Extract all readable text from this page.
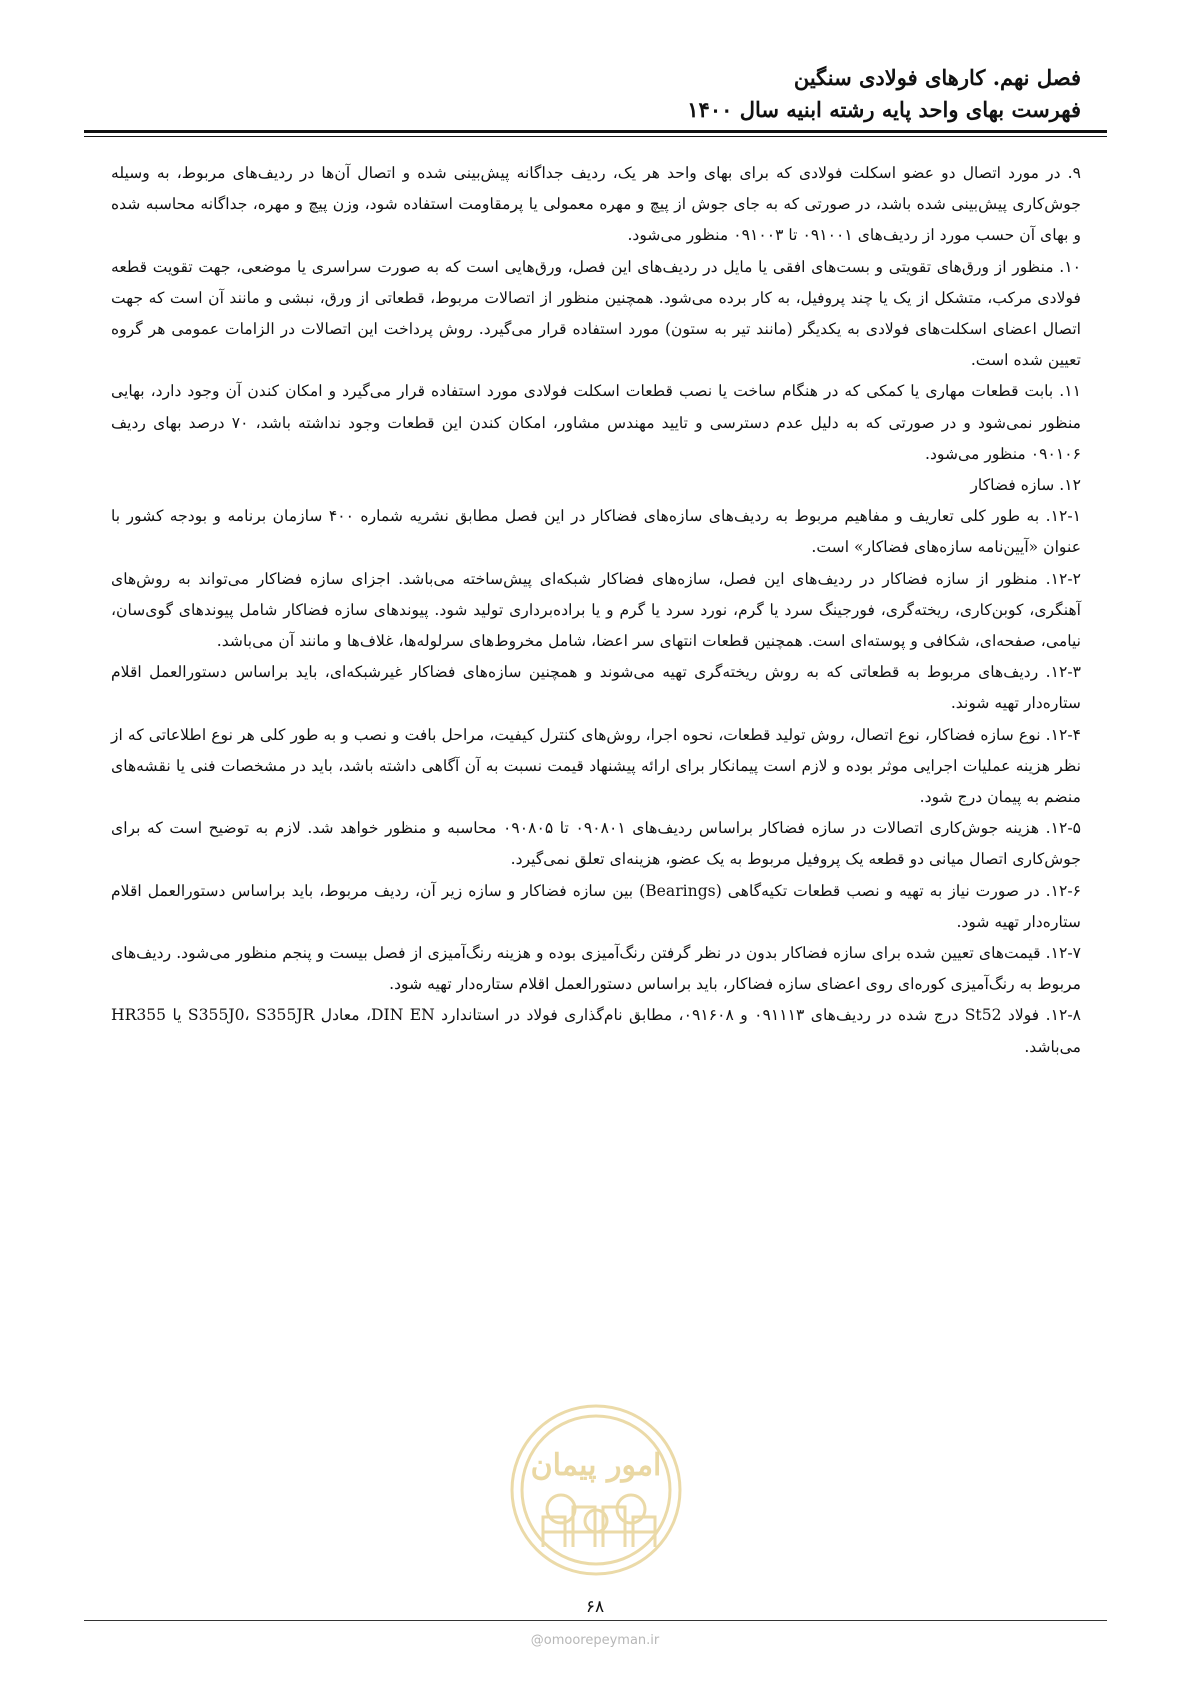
فصل نهم. کارهای فولادی سنگین
فهرست بهای واحد پایه رشته ابنیه سال ۱۴۰۰

۹. در مورد اتصال دو عضو اسکلت فولادی که برای بهای واحد هر یک، ردیف جداگانه پیش‌بینی شده و اتصال آن‌ها در ردیف‌های مربوط، به وسیله جوش‌کاری پیش‌بینی شده باشد، در صورتی که به جای جوش از پیچ و مهره معمولی یا پرمقاومت استفاده شود، وزن پیچ و مهره، جداگانه محاسبه شده و بهای آن حسب مورد از ردیف‌های ۰۹۱۰۰۱ تا ۰۹۱۰۰۳ منظور می‌شود.

۱۰. منظور از ورق‌های تقویتی و بست‌های افقی یا مایل در ردیف‌های این فصل، ورق‌هایی است که به صورت سراسری یا موضعی، جهت تقویت قطعه فولادی مرکب، متشکل از یک یا چند پروفیل، به کار برده می‌شود. همچنین منظور از اتصالات مربوط، قطعاتی از ورق، نبشی و مانند آن است که جهت اتصال اعضای اسکلت‌های فولادی به یکدیگر (مانند تیر به ستون) مورد استفاده قرار می‌گیرد. روش پرداخت این اتصالات در الزامات عمومی هر گروه تعیین شده است.

۱۱. بابت قطعات مهاری یا کمکی که در هنگام ساخت یا نصب قطعات اسکلت فولادی مورد استفاده قرار می‌گیرد و امکان کندن آن وجود دارد، بهایی منظور نمی‌شود و در صورتی که به دلیل عدم دسترسی و تایید مهندس مشاور، امکان کندن این قطعات وجود نداشته باشد، ۷۰ درصد بهای ردیف ۰۹۰۱۰۶ منظور می‌شود.

۱۲. سازه فضاکار

۱۲-۱. به طور کلی تعاریف و مفاهیم مربوط به ردیف‌های سازه‌های فضاکار در این فصل مطابق نشریه شماره ۴۰۰ سازمان برنامه و بودجه کشور با عنوان «آیین‌نامه سازه‌های فضاکار» است.

۱۲-۲. منظور از سازه فضاکار در ردیف‌های این فصل، سازه‌های فضاکار شبکه‌ای پیش‌ساخته می‌باشد. اجزای سازه فضاکار می‌تواند به روش‌های آهنگری، کوبن‌کاری، ریخته‌گری، فورجینگ سرد یا گرم، نورد سرد یا گرم و یا براده‌برداری تولید شود. پیوند‌های سازه فضاکار شامل پیوند‌های گوی‌سان، نیامی، صفحه‌ای، شکافی و پوسته‌ای است. همچنین قطعات انتهای سر اعضا، شامل مخروط‌های سرلوله‌ها، غلاف‌ها و مانند آن می‌باشد.

۱۲-۳. ردیف‌های مربوط به قطعاتی که به روش ریخته‌گری تهیه می‌شوند و همچنین سازه‌های فضاکار غیرشبکه‌ای، باید براساس دستورالعمل اقلام ستاره‌دار تهیه شوند.

۱۲-۴. نوع سازه فضاکار، نوع اتصال، روش تولید قطعات، نحوه اجرا، روش‌های کنترل کیفیت، مراحل بافت و نصب و به طور کلی هر نوع اطلاعاتی که از نظر هزینه عملیات اجرایی موثر بوده و لازم است پیمانکار برای ارائه پیشنهاد قیمت نسبت به آن آگاهی داشته باشد، باید در مشخصات فنی یا نقشه‌های منضم به پیمان درج شود.

۱۲-۵. هزینه جوش‌کاری اتصالات در سازه فضاکار براساس ردیف‌های ۰۹۰۸۰۱ تا ۰۹۰۸۰۵ محاسبه و منظور خواهد شد. لازم به توضیح است که برای جوش‌کاری اتصال میانی دو قطعه یک پروفیل مربوط به یک عضو، هزینه‌ای تعلق نمی‌گیرد.

۱۲-۶. در صورت نیاز به تهیه و نصب قطعات تکیه‌گاهی (Bearings) بین سازه فضاکار و سازه زیر آن، ردیف مربوط، باید براساس دستورالعمل اقلام ستاره‌دار تهیه شود.

۱۲-۷. قیمت‌های تعیین شده برای سازه فضاکار بدون در نظر گرفتن رنگ‌آمیزی بوده و هزینه رنگ‌آمیزی از فصل بیست و پنجم منظور می‌شود. ردیف‌های مربوط به رنگ‌آمیزی کوره‌ای روی اعضای سازه فضاکار، باید براساس دستورالعمل اقلام ستاره‌دار تهیه شود.

۱۲-۸. فولاد St52 درج شده در ردیف‌های ۰۹۱۱۱۳ و ۰۹۱۶۰۸، مطابق نام‌گذاری فولاد در استاندارد DIN EN، معادل S355J0، S355JR یا HR355 می‌باشد.

امور پیمان
۶۸
@omoorepeyman.ir
